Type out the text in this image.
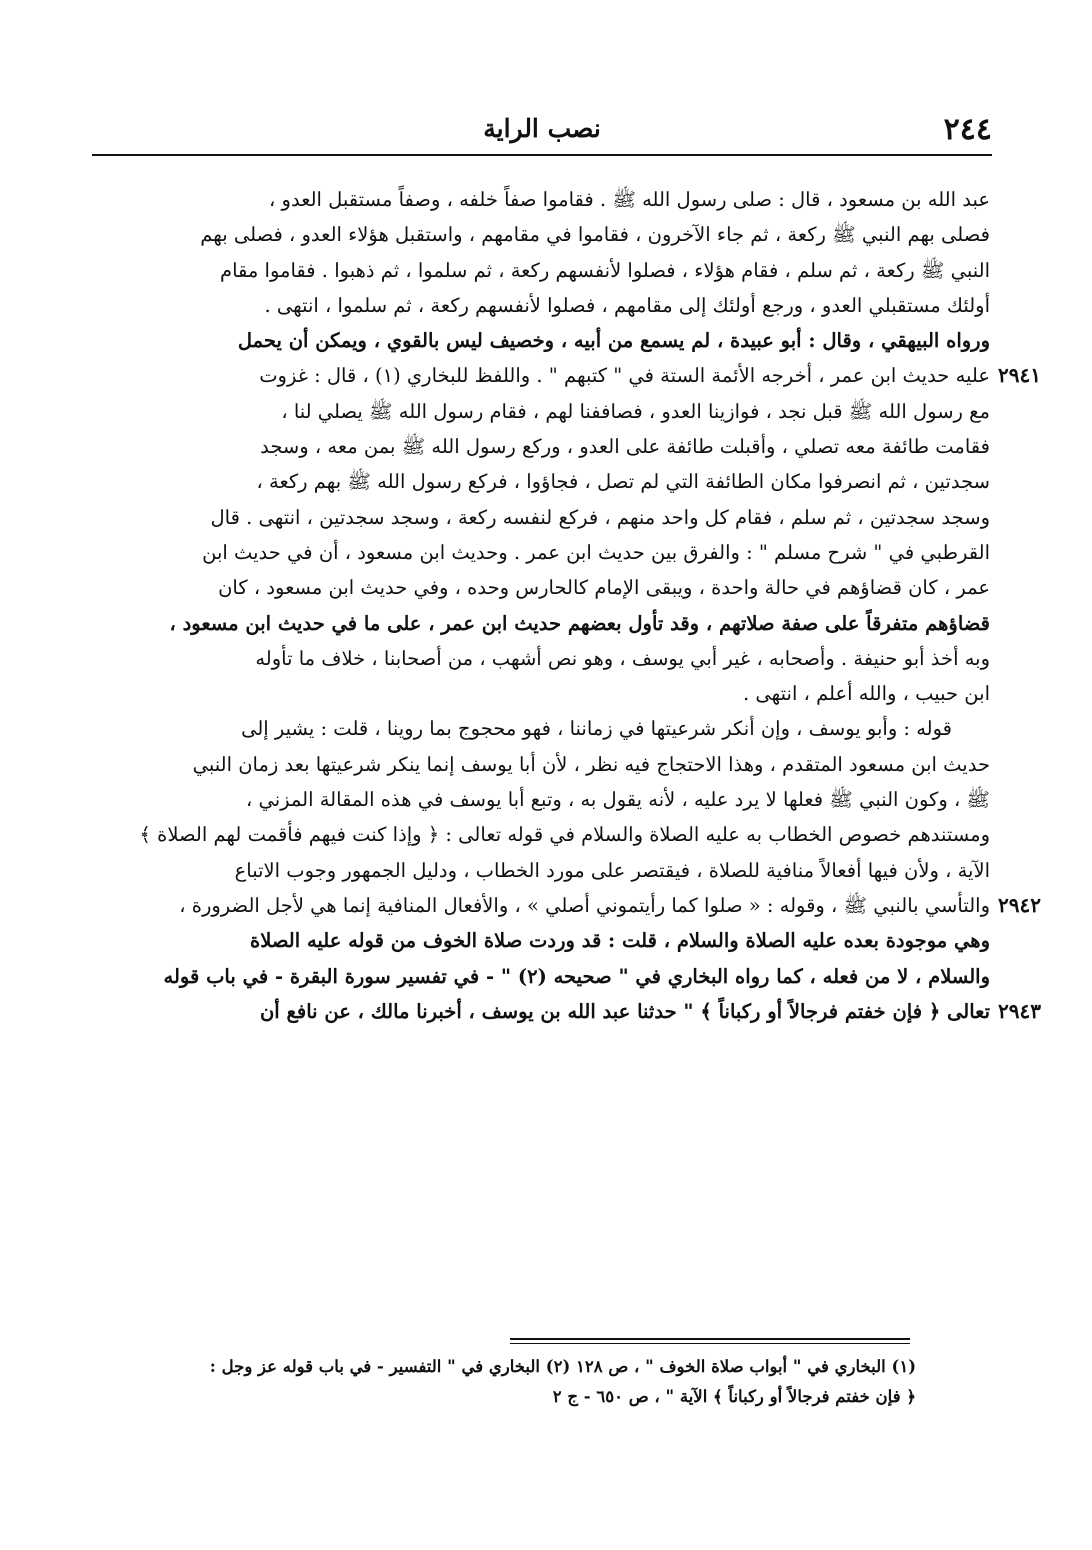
٢٤٤
نصب الراية
عبد الله بن مسعود ، قال : صلى رسول الله ﷺ . فقاموا صفاً خلفه ، وصفاً مستقبل العدو ،
فصلى بهم النبي ﷺ ركعة ، ثم جاء الآخرون ، فقاموا في مقامهم ، واستقبل هؤلاء العدو ، فصلى بهم
النبي ﷺ ركعة ، ثم سلم ، فقام هؤلاء ، فصلوا لأنفسهم ركعة ، ثم سلموا ، ثم ذهبوا . فقاموا مقام
أولئك مستقبلي العدو ، ورجع أولئك إلى مقامهم ، فصلوا لأنفسهم ركعة ، ثم سلموا ، انتهى .
ورواه البيهقي ، وقال : أبو عبيدة ، لم يسمع من أبيه ، وخصيف ليس بالقوي ، ويمكن أن يحمل
عليه حديث ابن عمر ، أخرجه الأئمة الستة في " كتبهم " . واللفظ للبخاري (١) ، قال : غزوت ٢٩٤١
مع رسول الله ﷺ قبل نجد ، فوازينا العدو ، فصاففنا لهم ، فقام رسول الله ﷺ يصلي لنا ،
فقامت طائفة معه تصلي ، وأقبلت طائفة على العدو ، وركع رسول الله ﷺ بمن معه ، وسجد
سجدتين ، ثم انصرفوا مكان الطائفة التي لم تصل ، فجاؤوا ، فركع رسول الله ﷺ بهم ركعة ،
وسجد سجدتين ، ثم سلم ، فقام كل واحد منهم ، فركع لنفسه ركعة ، وسجد سجدتين ، انتهى . قال
القرطبي في " شرح مسلم " : والفرق بين حديث ابن عمر . وحديث ابن مسعود ، أن في حديث ابن
عمر ، كان قضاؤهم في حالة واحدة ، ويبقى الإمام كالحارس وحده ، وفي حديث ابن مسعود ، كان
قضاؤهم متفرقاً على صفة صلاتهم ، وقد تأول بعضهم حديث ابن عمر ، على ما في حديث ابن مسعود ،
وبه أخذ أبو حنيفة . وأصحابه ، غير أبي يوسف ، وهو نص أشهب ، من أصحابنا ، خلاف ما تأوله
ابن حبيب ، والله أعلم ، انتهى .
قوله : وأبو يوسف ، وإن أنكر شرعيتها في زماننا ، فهو محجوج بما روينا ، قلت : يشير إلى
حديث ابن مسعود المتقدم ، وهذا الاحتجاج فيه نظر ، لأن أبا يوسف إنما ينكر شرعيتها بعد زمان النبي
ﷺ ، وكون النبي ﷺ فعلها لا يرد عليه ، لأنه يقول به ، وتبع أبا يوسف في هذه المقالة المزني ،
ومستندهم خصوص الخطاب به عليه الصلاة والسلام في قوله تعالى : ﴿ وإذا كنت فيهم فأقمت لهم الصلاة ﴾
الآية ، ولأن فيها أفعالاً منافية للصلاة ، فيقتصر على مورد الخطاب ، ودليل الجمهور وجوب الاتباع
والتأسي بالنبي ﷺ ، وقوله : « صلوا كما رأيتموني أصلي » ، والأفعال المنافية إنما هي لأجل الضرورة ، ٢٩٤٢
وهي موجودة بعده عليه الصلاة والسلام ، قلت : قد وردت صلاة الخوف من قوله عليه الصلاة
والسلام ، لا من فعله ، كما رواه البخاري في " صحيحه (٢) " - في تفسير سورة البقرة - في باب قوله
تعالى ﴿ فإن خفتم فرجالاً أو ركباناً ﴾ " حدثنا عبد الله بن يوسف ، أخبرنا مالك ، عن نافع أن ٢٩٤٣
(١) البخاري في " أبواب صلاة الخوف " ، ص ١٢٨ (٢) البخاري في " التفسير - في باب قوله عز وجل :
﴿ فإن خفتم فرجالاً أو ركباناً ﴾ الآية " ، ص ٦٥٠ - ج ٢
